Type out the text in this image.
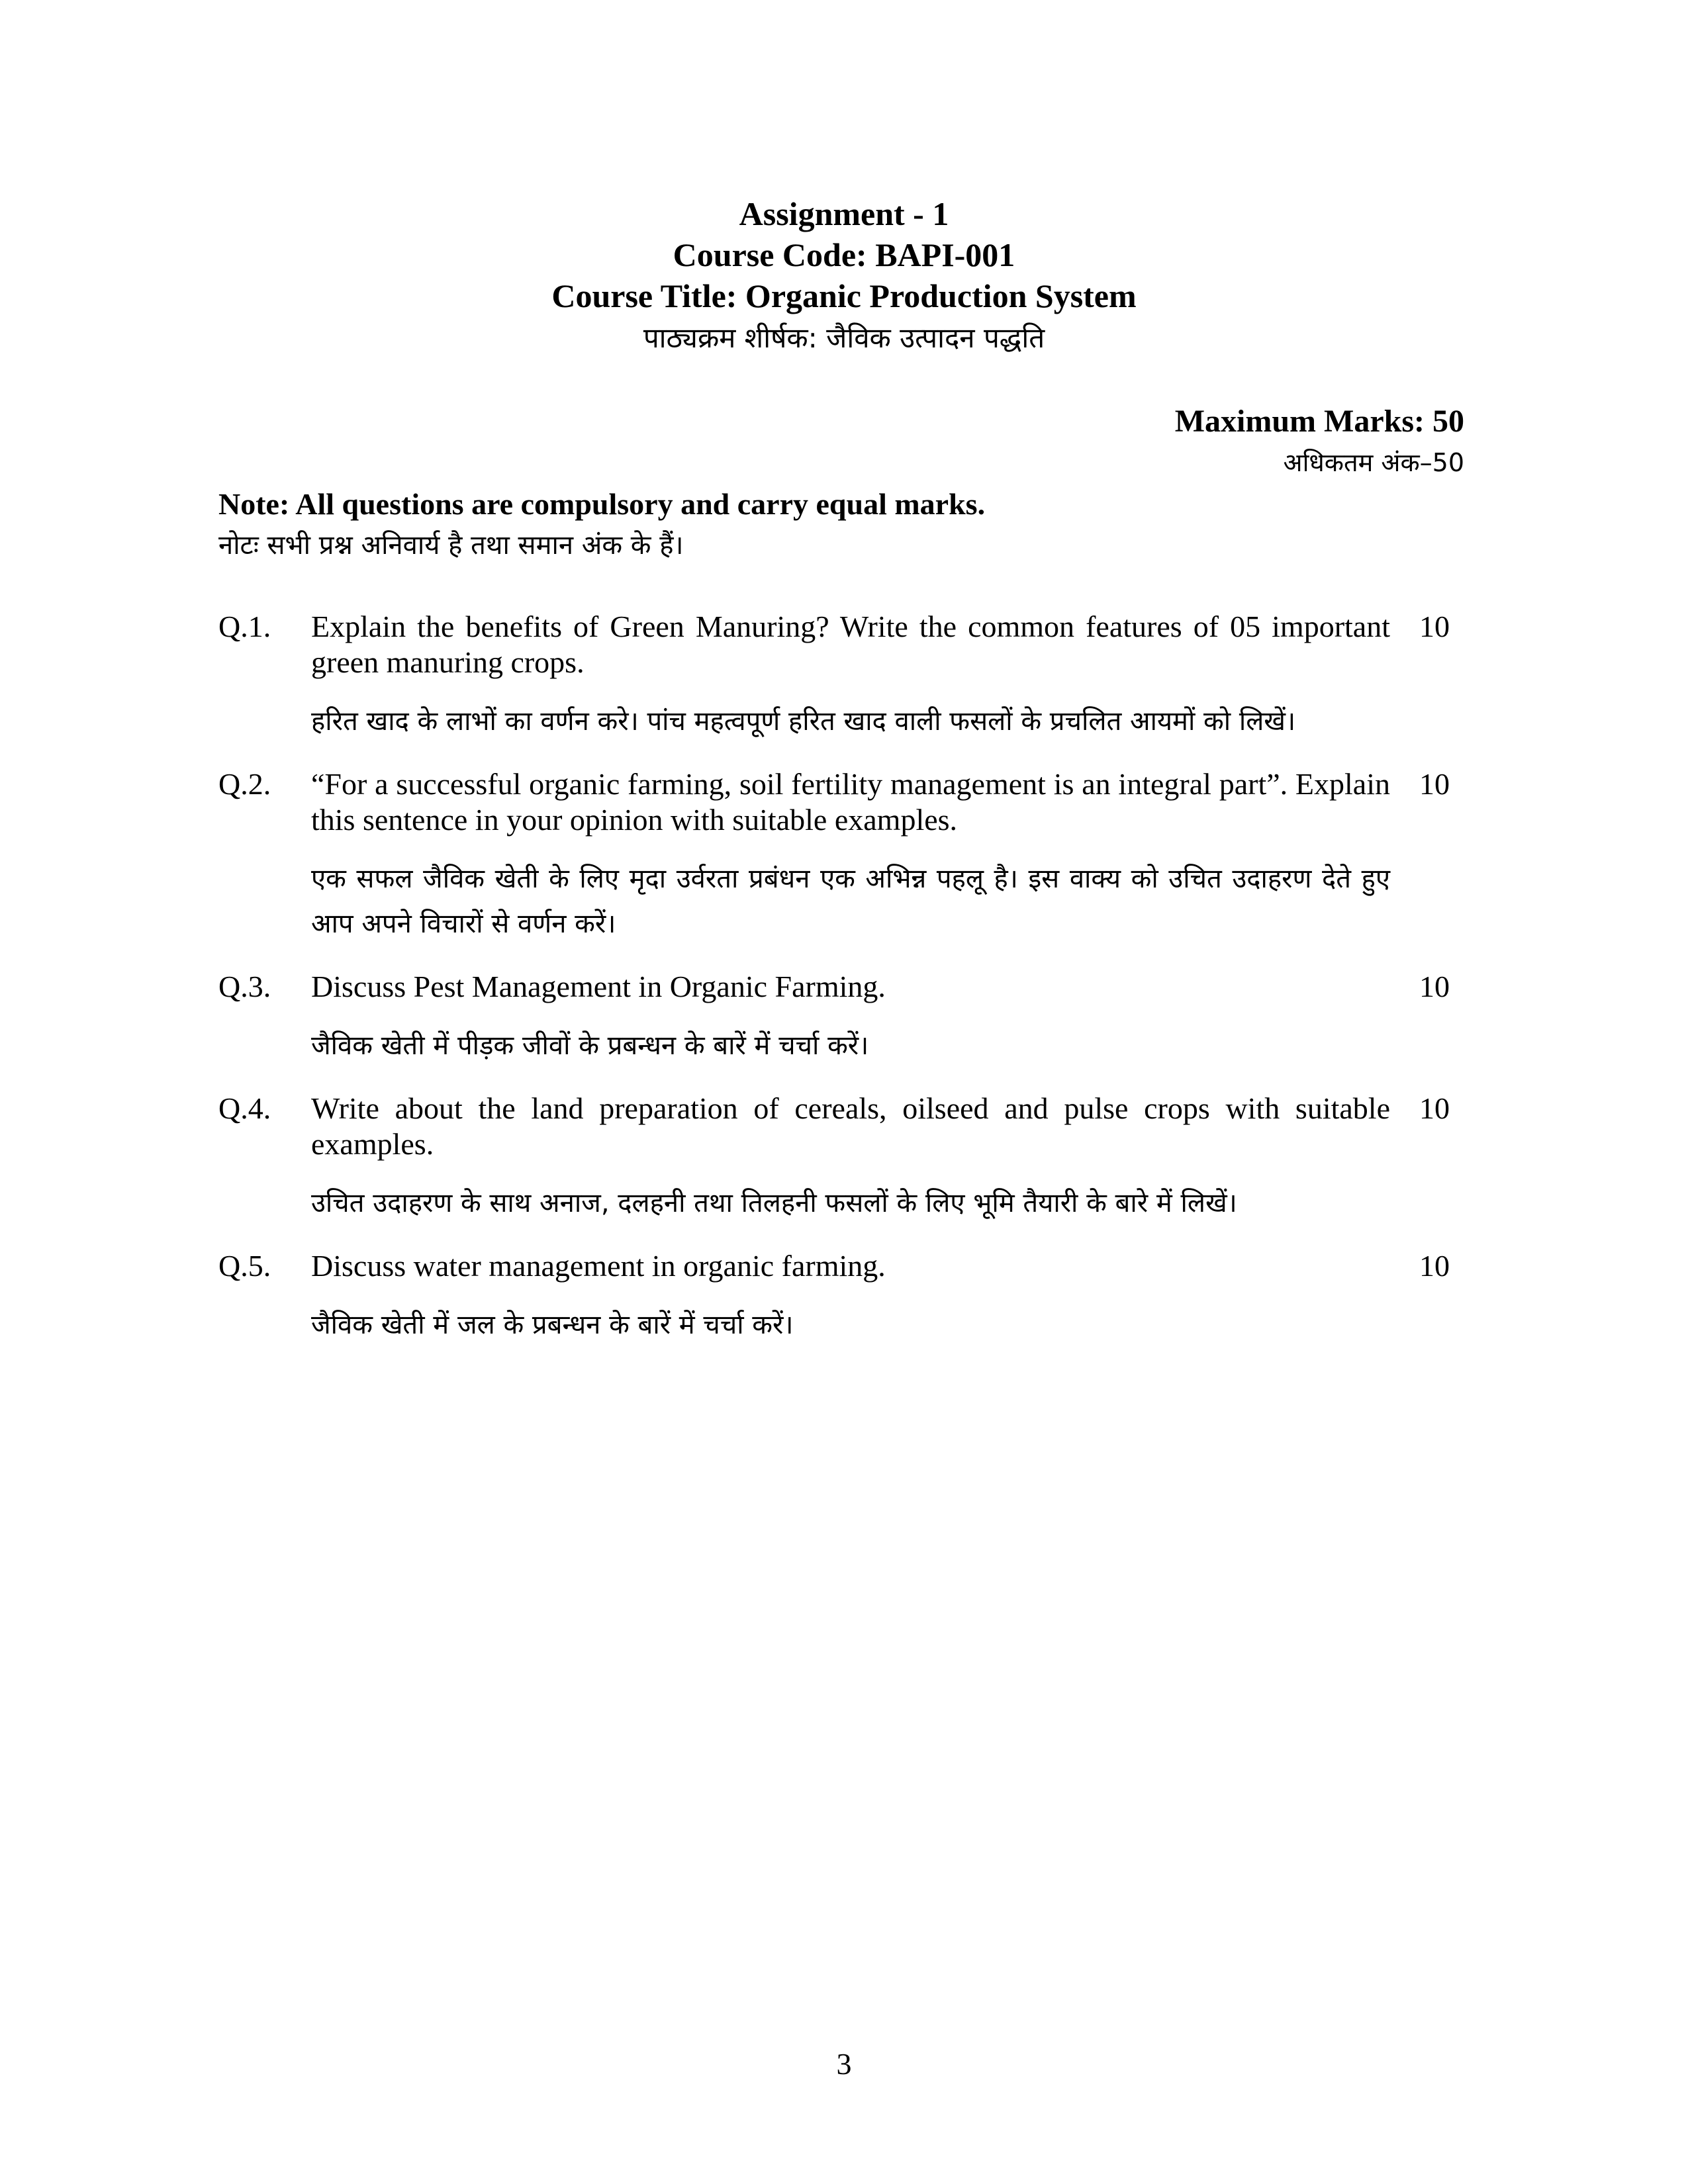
Assignment - 1
Course Code: BAPI-001
Course Title: Organic Production System
पाठ्यक्रम शीर्षक: जैविक उत्पादन पद्धति
Maximum Marks: 50
अधिकतम अंक–50
Note: All questions are compulsory and carry equal marks.
नोटः सभी प्रश्न अनिवार्य है तथा समान अंक के हैं।
Q.1. Explain the benefits of Green Manuring? Write the common features of 05 important green manuring crops.
हरित खाद के लाभों का वर्णन करे। पांच महत्वपूर्ण हरित खाद वाली फसलों के प्रचलित आयमों को लिखें।
10
Q.2. “For a successful organic farming, soil fertility management is an integral part”. Explain this sentence in your opinion with suitable examples.
एक सफल जैविक खेती के लिए मृदा उर्वरता प्रबंधन एक अभिन्न पहलू है। इस वाक्य को उचित उदाहरण देते हुए आप अपने विचारों से वर्णन करें।
10
Q.3. Discuss Pest Management in Organic Farming.
जैविक खेती में पीड़क जीवों के प्रबन्धन के बारें में चर्चा करें।
10
Q.4. Write about the land preparation of cereals, oilseed and pulse crops with suitable examples.
उचित उदाहरण के साथ अनाज, दलहनी तथा तिलहनी फसलों के लिए भूमि तैयारी के बारे में लिखें।
10
Q.5. Discuss water management in organic farming.
जैविक खेती में जल के प्रबन्धन के बारें में चर्चा करें।
10
3
